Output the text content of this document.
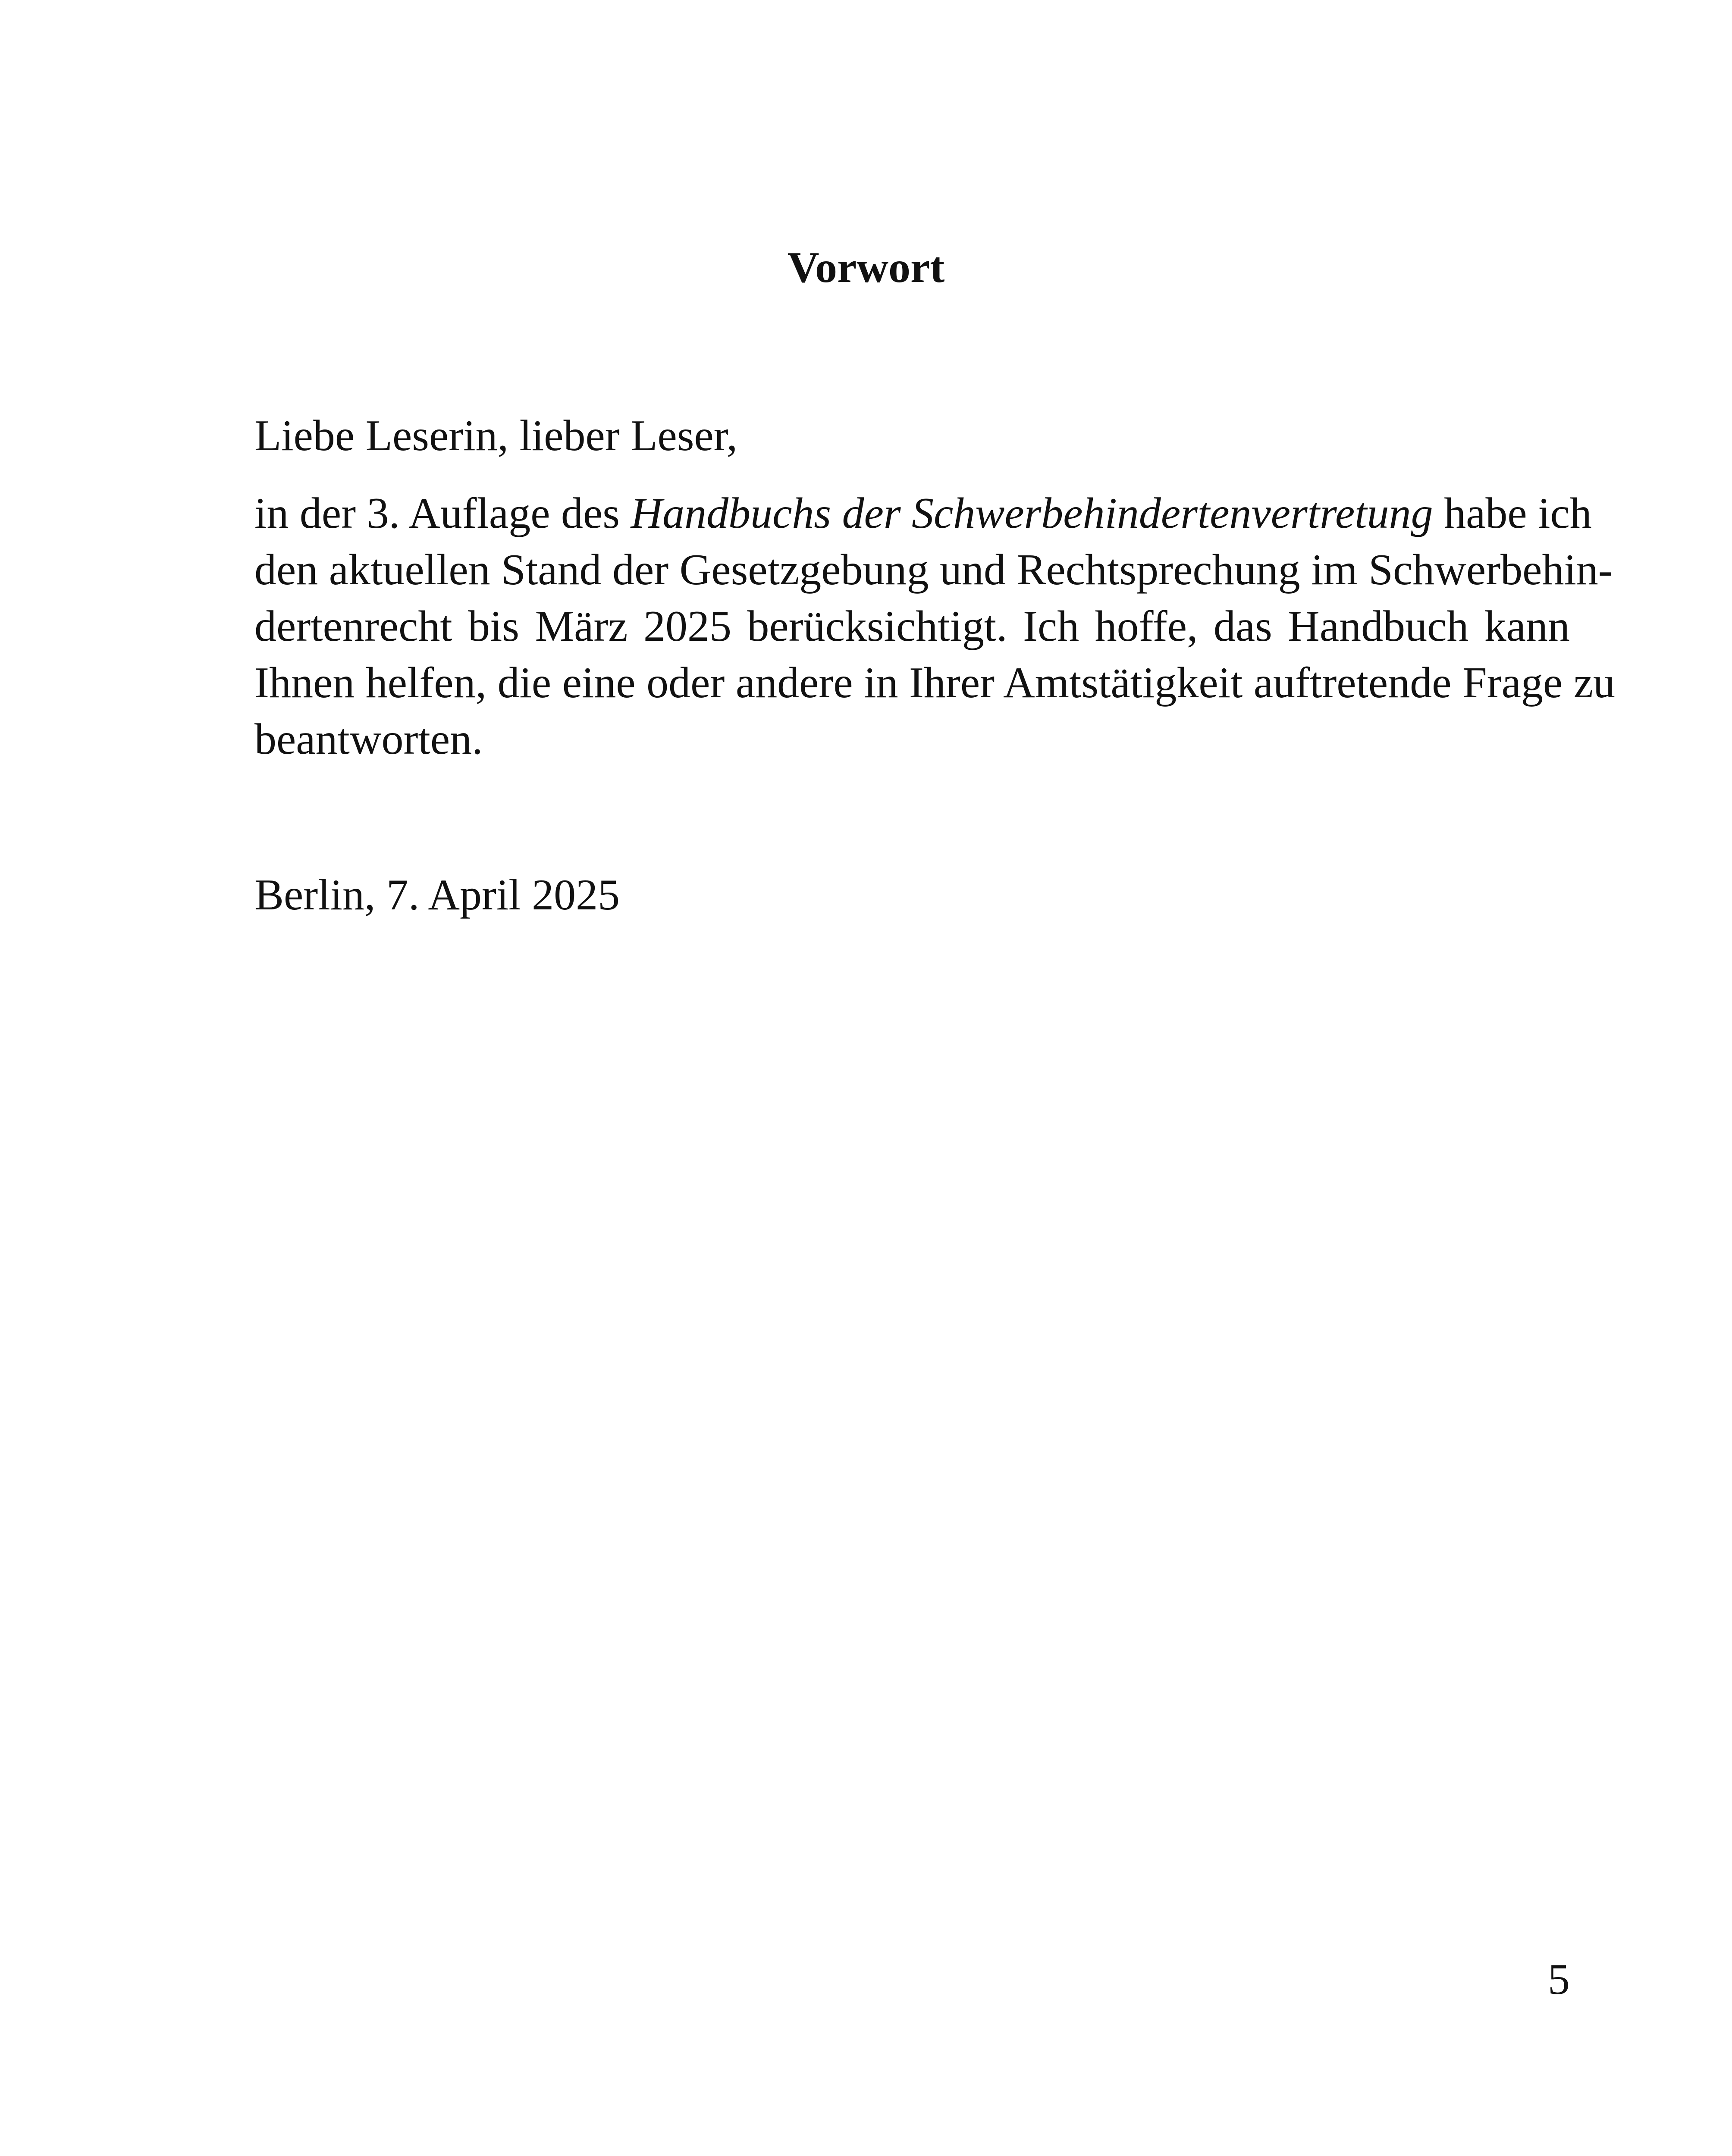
Vorwort

Liebe Leserin, lieber Leser,

in der 3. Auflage des Handbuchs der Schwerbehindertenvertretung habe ich
den aktuellen Stand der Gesetzgebung und Rechtsprechung im Schwerbehin-
dertenrecht bis März 2025 berücksichtigt. Ich hoffe, das Handbuch kann
Ihnen helfen, die eine oder andere in Ihrer Amtstätigkeit auftretende Frage zu
beantworten.

Berlin, 7. April 2025

5
